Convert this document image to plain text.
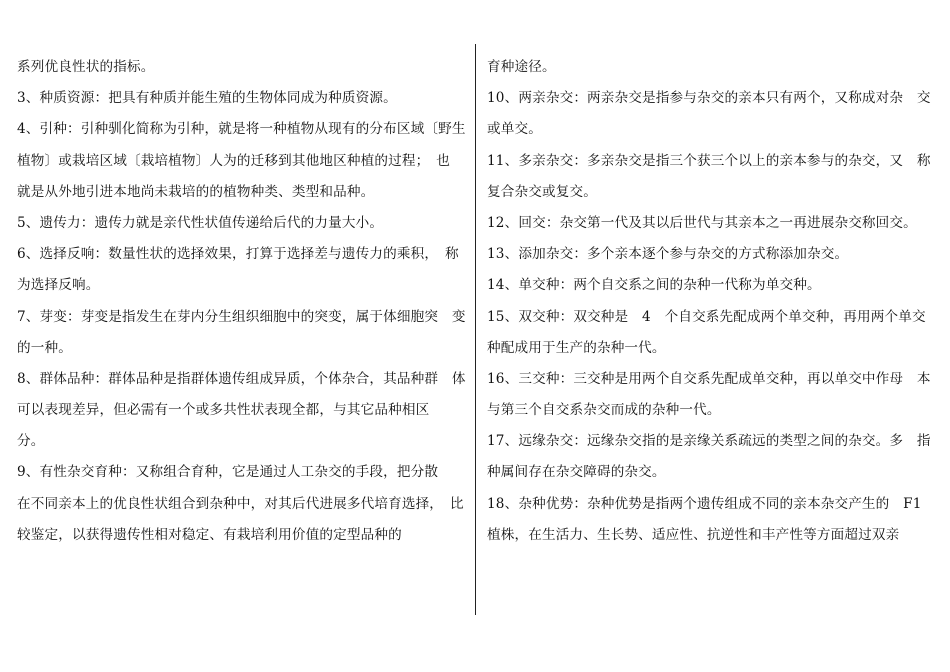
系列优良性状的指标。
3、种质资源：把具有种质并能生殖的生物体同成为种质资源。
4、引种：引种驯化简称为引种，就是将一种植物从现有的分布区域〔野生
植物〕或栽培区域〔栽培植物〕人为的迁移到其他地区种植的过程；　也
就是从外地引进本地尚未栽培的的植物种类、类型和品种。
5、遗传力：遗传力就是亲代性状值传递给后代的力量大小。
6、选择反响：数量性状的选择效果，打算于选择差与遗传力的乘积，　称
为选择反响。
7、芽变：芽变是指发生在芽内分生组织细胞中的突变，属于体细胞突　变
的一种。
8、群体品种：群体品种是指群体遗传组成异质，个体杂合，其品种群　体
可以表现差异，但必需有一个或多共性状表现全都，与其它品种相区
分。
9、有性杂交育种：又称组合育种，它是通过人工杂交的手段，把分散
在不同亲本上的优良性状组合到杂种中，对其后代进展多代培育选择，　比
较鉴定，以获得遗传性相对稳定、有栽培利用价值的定型品种的
育种途径。
10、两亲杂交：两亲杂交是指参与杂交的亲本只有两个，又称成对杂　交
或单交。
11、多亲杂交：多亲杂交是指三个获三个以上的亲本参与的杂交，又　称
复合杂交或复交。
12、回交：杂交第一代及其以后世代与其亲本之一再进展杂交称回交。
13、添加杂交：多个亲本逐个参与杂交的方式称添加杂交。
14、单交种：两个自交系之间的杂种一代称为单交种。
15、双交种：双交种是　4　个自交系先配成两个单交种，再用两个单交
种配成用于生产的杂种一代。
16、三交种：三交种是用两个自交系先配成单交种，再以单交中作母　本
与第三个自交系杂交而成的杂种一代。
17、远缘杂交：远缘杂交指的是亲缘关系疏远的类型之间的杂交。多　指
种属间存在杂交障碍的杂交。
18、杂种优势：杂种优势是指两个遗传组成不同的亲本杂交产生的　F1
植株，在生活力、生长势、适应性、抗逆性和丰产性等方面超过双亲
